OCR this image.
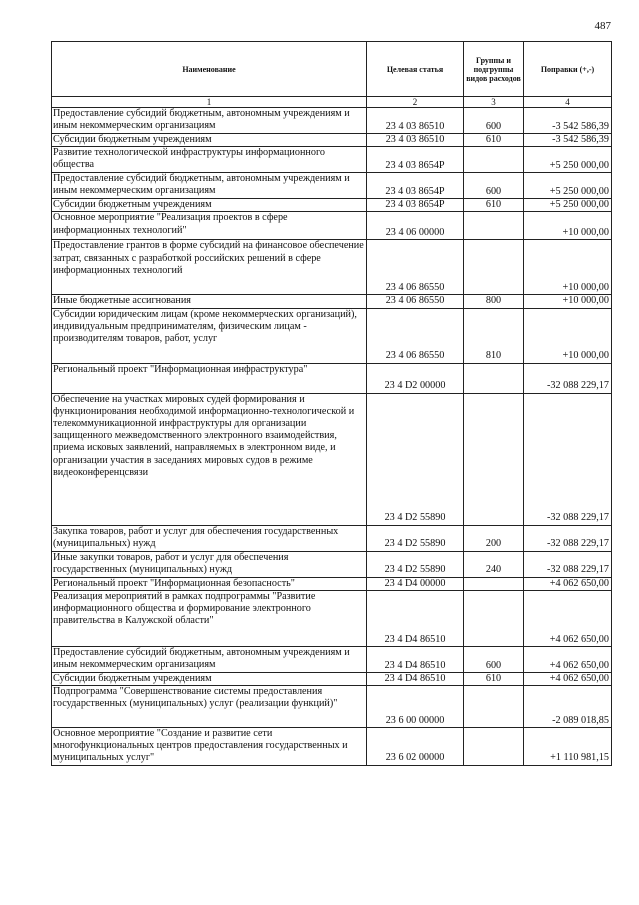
487
Наименование	Целевая статья	Группы и подгруппы видов расходов	Поправки (+,-)
1	2	3	4
Предоставление субсидий бюджетным, автономным учреждениям и иным некоммерческим организациям	23 4 03 86510	600	-3 542 586,39
Субсидии бюджетным учреждениям	23 4 03 86510	610	-3 542 586,39
Развитие технологической инфраструктуры информационного общества	23 4 03 8654Р		+5 250 000,00
Предоставление субсидий бюджетным, автономным учреждениям и иным некоммерческим организациям	23 4 03 8654Р	600	+5 250 000,00
Субсидии бюджетным учреждениям	23 4 03 8654Р	610	+5 250 000,00
Основное мероприятие "Реализация проектов в сфере информационных технологий"	23 4 06 00000		+10 000,00
Предоставление грантов в форме субсидий на финансовое обеспечение затрат, связанных с разработкой российских решений в сфере информационных технологий	23 4 06 86550		+10 000,00
Иные бюджетные ассигнования	23 4 06 86550	800	+10 000,00
Субсидии юридическим лицам (кроме некоммерческих организаций), индивидуальным предпринимателям, физическим лицам - производителям товаров, работ, услуг	23 4 06 86550	810	+10 000,00
Региональный проект "Информационная инфраструктура"	23 4 D2 00000		-32 088 229,17
Обеспечение на участках мировых судей формирования и функционирования необходимой информационно-технологической и телекоммуникационной инфраструктуры для организации защищенного межведомственного электронного взаимодействия, приема исковых заявлений, направляемых в электронном виде, и организации участия в заседаниях мировых судов в режиме видеоконференцсвязи	23 4 D2 55890		-32 088 229,17
Закупка товаров, работ и услуг для обеспечения государственных (муниципальных) нужд	23 4 D2 55890	200	-32 088 229,17
Иные закупки товаров, работ и услуг для обеспечения государственных (муниципальных) нужд	23 4 D2 55890	240	-32 088 229,17
Региональный проект "Информационная безопасность"	23 4 D4 00000		+4 062 650,00
Реализация мероприятий в рамках подпрограммы "Развитие информационного общества и формирование электронного правительства в Калужской области"	23 4 D4 86510		+4 062 650,00
Предоставление субсидий бюджетным, автономным учреждениям и иным некоммерческим организациям	23 4 D4 86510	600	+4 062 650,00
Субсидии бюджетным учреждениям	23 4 D4 86510	610	+4 062 650,00
Подпрограмма "Совершенствование системы предоставления государственных (муниципальных) услуг (реализации функций)"	23 6 00 00000		-2 089 018,85
Основное мероприятие "Создание и развитие сети многофункциональных центров предоставления государственных и муниципальных услуг"	23 6 02 00000		+1 110 981,15
